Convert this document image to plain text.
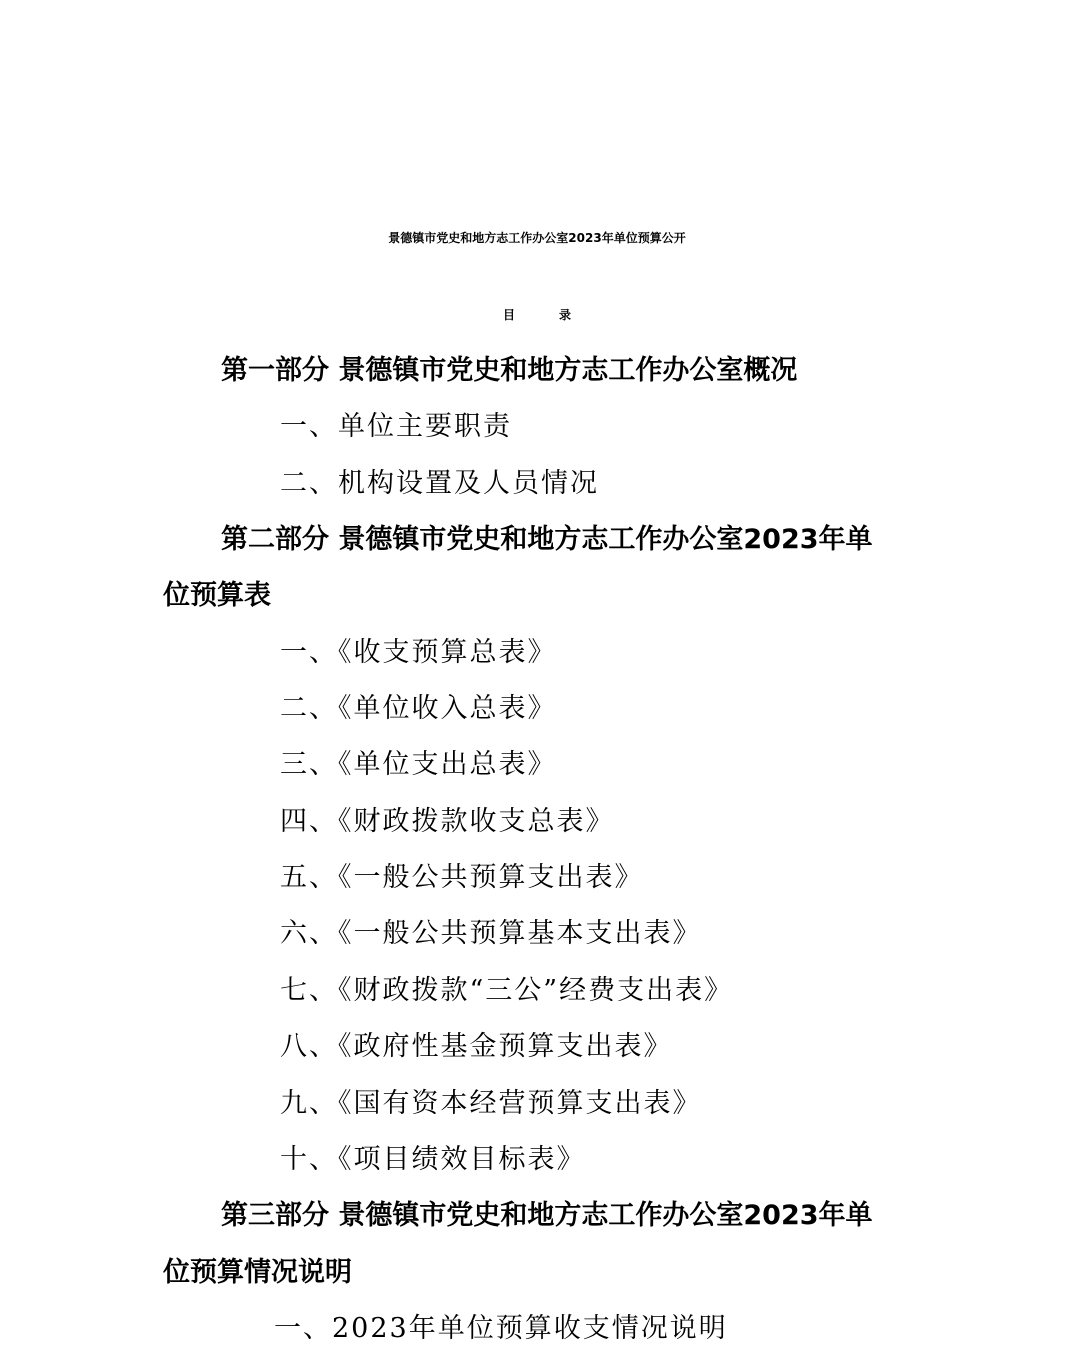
景德镇市党史和地方志工作办公室2023年单位预算公开
目录
第一部分 景德镇市党史和地方志工作办公室概况
一、单位主要职责
二、机构设置及人员情况
第二部分 景德镇市党史和地方志工作办公室2023年单
位预算表
一、《收支预算总表》
二、《单位收入总表》
三、《单位支出总表》
四、《财政拨款收支总表》
五、《一般公共预算支出表》
六、《一般公共预算基本支出表》
七、《财政拨款“三公”经费支出表》
八、《政府性基金预算支出表》
九、《国有资本经营预算支出表》
十、《项目绩效目标表》
第三部分 景德镇市党史和地方志工作办公室2023年单
位预算情况说明
一、2023年单位预算收支情况说明
